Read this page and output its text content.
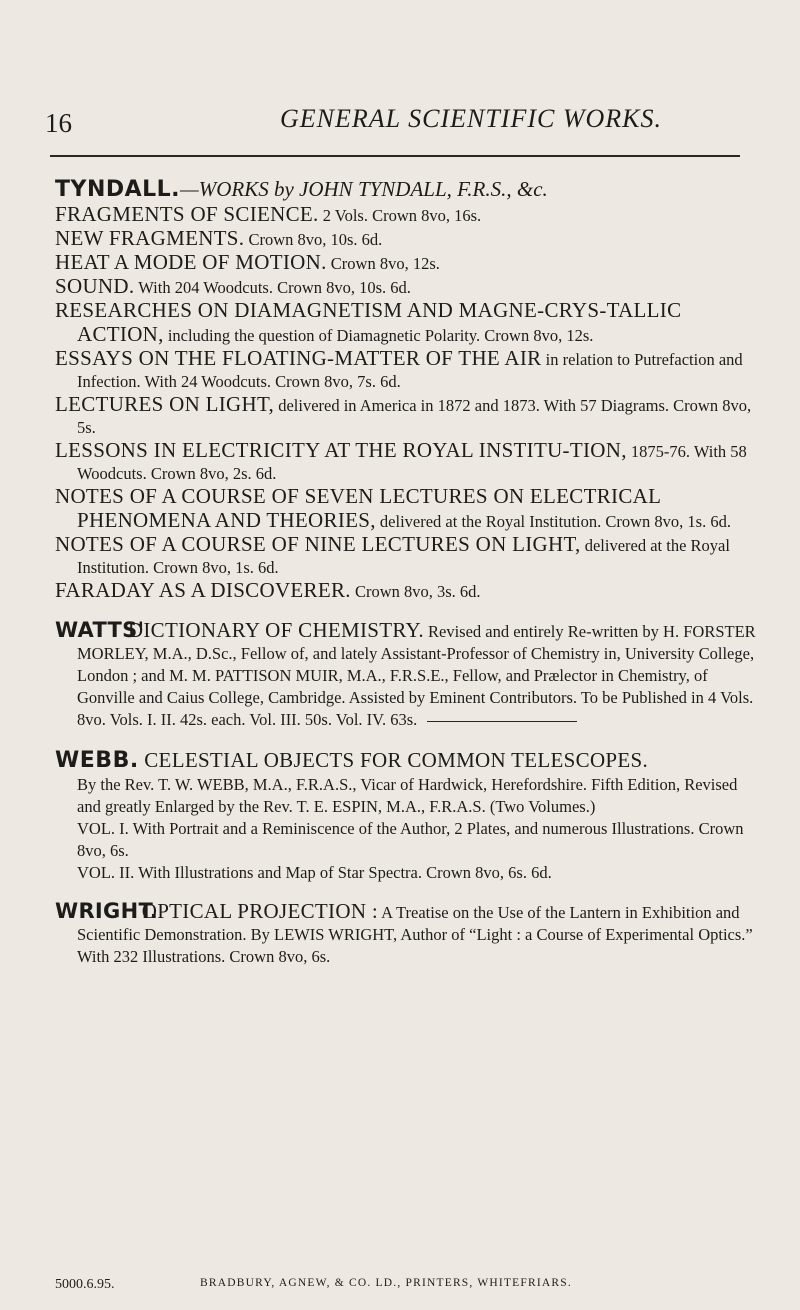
16	GENERAL SCIENTIFIC WORKS.
TYNDALL.—WORKS by JOHN TYNDALL, F.R.S., &c.
FRAGMENTS OF SCIENCE. 2 Vols. Crown 8vo, 16s.
NEW FRAGMENTS. Crown 8vo, 10s. 6d.
HEAT A MODE OF MOTION. Crown 8vo, 12s.
SOUND. With 204 Woodcuts. Crown 8vo, 10s. 6d.
RESEARCHES ON DIAMAGNETISM AND MAGNE-CRYS-TALLIC ACTION, including the question of Diamagnetic Polarity. Crown 8vo, 12s.
ESSAYS ON THE FLOATING-MATTER OF THE AIR in relation to Putrefaction and Infection. With 24 Woodcuts. Crown 8vo, 7s. 6d.
LECTURES ON LIGHT, delivered in America in 1872 and 1873. With 57 Diagrams. Crown 8vo, 5s.
LESSONS IN ELECTRICITY AT THE ROYAL INSTITU-TION, 1875-76. With 58 Woodcuts. Crown 8vo, 2s. 6d.
NOTES OF A COURSE OF SEVEN LECTURES ON ELECTRICAL PHENOMENA AND THEORIES, delivered at the Royal Institution. Crown 8vo, 1s. 6d.
NOTES OF A COURSE OF NINE LECTURES ON LIGHT, delivered at the Royal Institution. Crown 8vo, 1s. 6d.
FARADAY AS A DISCOVERER. Crown 8vo, 3s. 6d.
WATTS' DICTIONARY OF CHEMISTRY. Revised and entirely Re-written by H. FORSTER MORLEY, M.A., D.Sc., Fellow of, and lately Assistant-Professor of Chemistry in, University College, London ; and M. M. PATTISON MUIR, M.A., F.R.S.E., Fellow, and Prælector in Chemistry, of Gonville and Caius College, Cambridge. Assisted by Eminent Contributors. To be Published in 4 Vols. 8vo. Vols. I. II. 42s. each. Vol. III. 50s. Vol. IV. 63s.
WEBB. CELESTIAL OBJECTS FOR COMMON TELESCOPES.
By the Rev. T. W. WEBB, M.A., F.R.A.S., Vicar of Hardwick, Herefordshire. Fifth Edition, Revised and greatly Enlarged by the Rev. T. E. ESPIN, M.A., F.R.A.S. (Two Volumes.)
VOL. I. With Portrait and a Reminiscence of the Author, 2 Plates, and numerous Illustrations. Crown 8vo, 6s.
VOL. II. With Illustrations and Map of Star Spectra. Crown 8vo, 6s. 6d.
WRIGHT. OPTICAL PROJECTION : A Treatise on the Use of the Lantern in Exhibition and Scientific Demonstration. By LEWIS WRIGHT, Author of “Light : a Course of Experimental Optics.” With 232 Illustrations. Crown 8vo, 6s.
5000.6.95.	BRADBURY, AGNEW, & CO. LD., PRINTERS, WHITEFRIARS.
